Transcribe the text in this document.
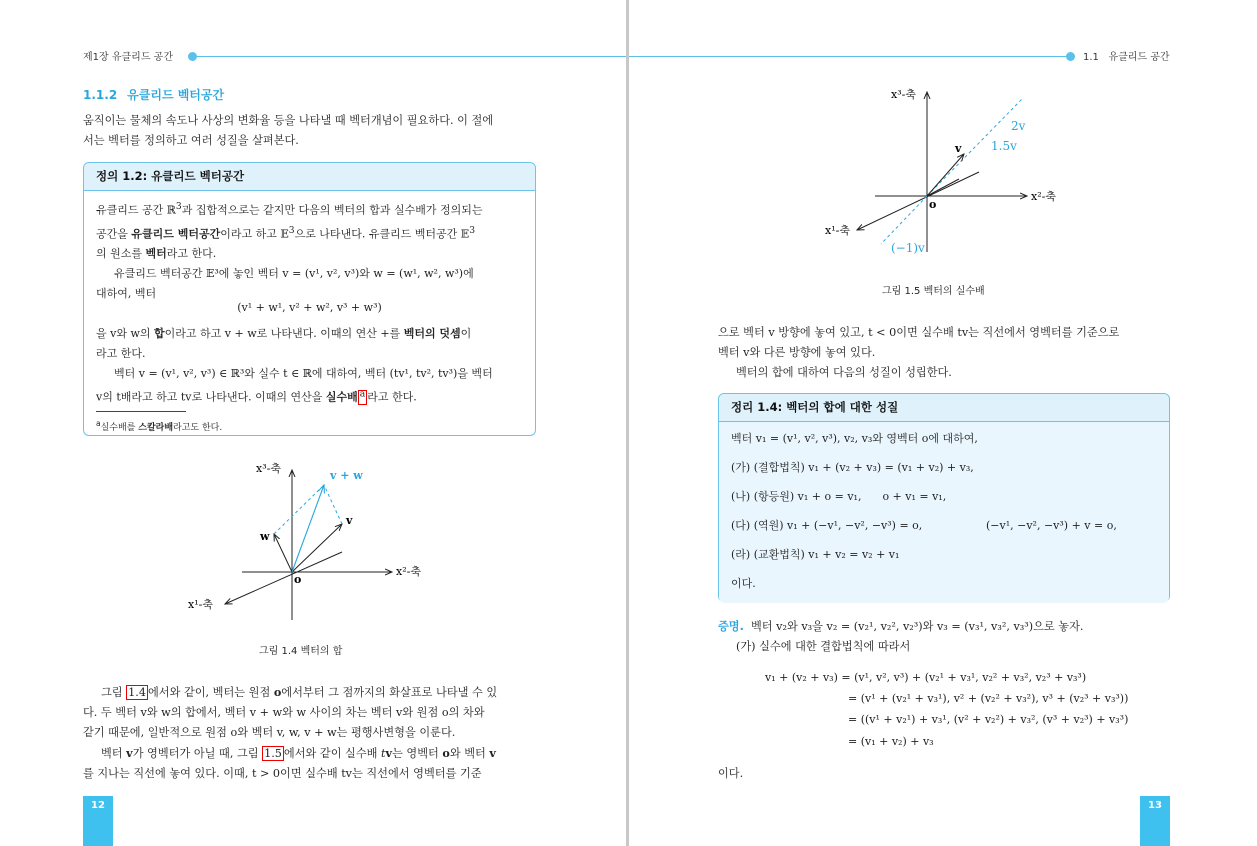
제1장 유클리드 공간
1.1.2 유클리드 벡터공간
움직이는 물체의 속도나 사상의 변화율 등을 나타낼 때 벡터개념이 필요하다. 이 절에
서는 벡터를 정의하고 여러 성질을 살펴본다.
정의 1.2: 유클리드 벡터공간
유클리드 공간 ℝ$^3$과 집합적으로는 같지만 다음의 벡터의 합과 실수배가 정의되는
공간을 유클리드 벡터공간이라고 하고 𝔼$^3$으로 나타낸다. 유클리드 벡터공간 𝔼$^3$
의 원소를 벡터라고 한다.
유클리드 벡터공간 𝔼³에 놓인 벡터 v = (v¹, v², v³)와 w = (w¹, w², w³)에
대하여, 벡터
(v¹ + w¹, v² + w², v³ + w³)
을 v와 w의 합이라고 하고 v + w로 나타낸다. 이때의 연산 +를 벡터의 덧셈이
라고 한다.
벡터 v = (v¹, v², v³) ∈ ℝ³와 실수 t ∈ ℝ에 대하여, 벡터 (tv¹, tv², tv³)을 벡터
v의 t배라고 하고 tv로 나타낸다. 이때의 연산을 실수배 $^a$ 라고 한다.
$^a$실수배를 스칼라배라고도 한다.
x³-축
x²-축
x¹-축
v + w
v
w
o
그림 1.4 벡터의 합
그림 1.4 에서와 같이, 벡터는 원점 o에서부터 그 점까지의 화살표로 나타낼 수 있
다. 두 벡터 v와 w의 합에서, 벡터 v + w와 w 사이의 차는 벡터 v와 원점 o의 차와
같기 때문에, 일반적으로 원점 o와 벡터 v, w, v + w는 평행사변형을 이룬다.
벡터 v가 영벡터가 아닐 때, 그림 1.5 에서와 같이 실수배 tv는 영벡터 o와 벡터 v
를 지나는 직선에 놓여 있다. 이때, t > 0이면 실수배 tv는 직선에서 영벡터를 기준
12
1.1 유클리드 공간
x³-축
x²-축
x¹-축
2v
1.5v
v
o
(−1)v
그림 1.5 벡터의 실수배
으로 벡터 v 방향에 놓여 있고, t < 0이면 실수배 tv는 직선에서 영벡터를 기준으로
벡터 v와 다른 방향에 놓여 있다.
벡터의 합에 대하여 다음의 성질이 성립한다.
정리 1.4: 벡터의 합에 대한 성질
벡터 v₁ = (v¹, v², v³), v₂, v₃와 영벡터 o에 대하여,
(가) (결합법칙) v₁ + (v₂ + v₃) = (v₁ + v₂) + v₃,
(나) (항등원) v₁ + o = v₁, o + v₁ = v₁,
(다) (역원) v₁ + (−v¹, −v², −v³) = o,	(−v¹, −v², −v³) + v = o,
(라) (교환법칙) v₁ + v₂ = v₂ + v₁
이다.
증명. 벡터 v₂와 v₃을 v₂ = (v₂¹, v₂², v₂³)와 v₃ = (v₃¹, v₃², v₃³)으로 놓자.
(가) 실수에 대한 결합법칙에 따라서
v₁ + (v₂ + v₃) = (v¹, v², v³) + (v₂¹ + v₃¹, v₂² + v₃², v₂³ + v₃³)
= (v¹ + (v₂¹ + v₃¹), v² + (v₂² + v₃²), v³ + (v₂³ + v₃³))
= ((v¹ + v₂¹) + v₃¹, (v² + v₂²) + v₃², (v³ + v₂³) + v₃³)
= (v₁ + v₂) + v₃
이다.
13
